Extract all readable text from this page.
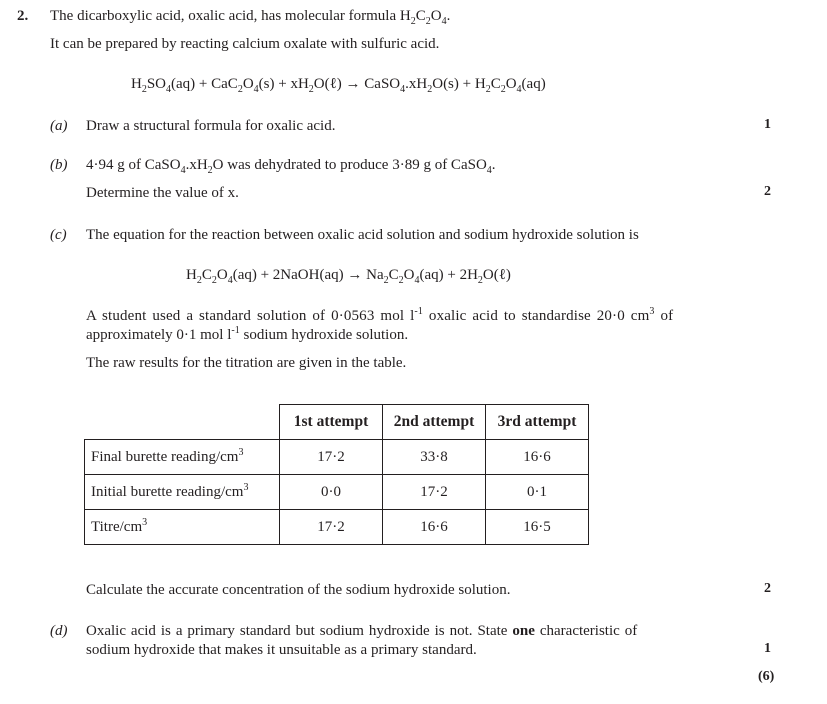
2. The dicarboxylic acid, oxalic acid, has molecular formula $H_2C_2O_4$.
It can be prepared by reacting calcium oxalate with sulfuric acid.
$H_2SO_4(aq) + CaC_2O_4(s)$ + $xH_2O(\ell)$ → $CaSO_4.xH_2O(s) + H_2C_2O_4(aq)$
(a) Draw a structural formula for oxalic acid.	1
(b) 4·94 g of $CaSO_4.xH_2O$ was dehydrated to produce 3·89 g of CaSO$_4$.
Determine the value of x.	2
(c) The equation for the reaction between oxalic acid solution and sodium hydroxide solution is
$H_2C_2O_4(aq)$ + 2NaOH(aq) → $Na_2C_2O_4(aq)$ + $2H_2O(\ell)$
A student used a standard solution of 0·0563 mol $l^{-1}$ oxalic acid to standardise 20·0 $cm^3$ of
approximately 0·1 mol $l^{-1}$ sodium hydroxide solution.
The raw results for the titration are given in the table.
	1st attempt	2nd attempt	3rd attempt
Final burette reading/$cm^3$	17·2	33·8	16·6
Initial burette reading/$cm^3$	0·0	17·2	0·1
Titre/$cm^3$	17·2	16·6	16·5
Calculate the accurate concentration of the sodium hydroxide solution.	2
(d) Oxalic acid is a primary standard but sodium hydroxide is not. State one characteristic of
sodium hydroxide that makes it unsuitable as a primary standard.	1
(6)
